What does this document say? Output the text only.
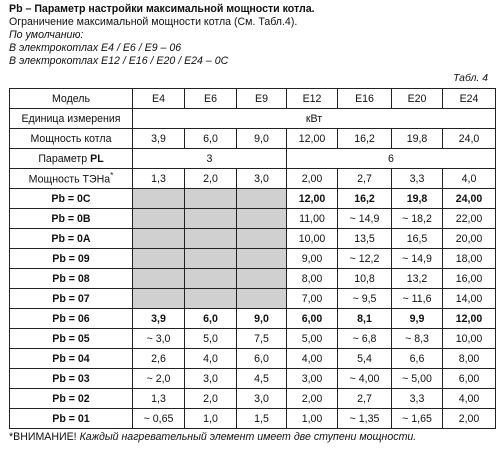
Pb – Параметр настройки максимальной мощности котла.
Ограничение максимальной мощности котла (См. Табл.4).
По умолчанию:
В электрокотлах E4 / E6 / E9 – 06
В электрокотлах E12 / E16 / E20 / E24 – 0C
Табл. 4
Модель	E4	E6	E9	E12	E16	E20	E24
Единица измерения	кВт						
Мощность котла	3,9	6,0	9,0	12,00	16,2	19,8	24,0
Параметр PL	3			6			
Мощность ТЭНа*	1,3	2,0	3,0	2,00	2,7	3,3	4,0
Pb = 0C				12,00	16,2	19,8	24,00
Pb = 0B				11,00	~ 14,9	~ 18,2	22,00
Pb = 0A				10,00	13,5	16,5	20,00
Pb = 09				9,00	~ 12,2	~ 14,9	18,00
Pb = 08				8,00	10,8	13,2	16,00
Pb = 07				7,00	~ 9,5	~ 11,6	14,00
Pb = 06	3,9	6,0	9,0	6,00	8,1	9,9	12,00
Pb = 05	~ 3,0	5,0	7,5	5,00	~ 6,8	~ 8,3	10,00
Pb = 04	2,6	4,0	6,0	4,00	5,4	6,6	8,00
Pb = 03	~ 2,0	3,0	4,5	3,00	~ 4,00	~ 5,00	6,00
Pb = 02	1,3	2,0	3,0	2,00	2,7	3,3	4,00
Pb = 01	~ 0,65	1,0	1,5	1,00	~ 1,35	~ 1,65	2,00
*ВНИМАНИЕ! Каждый нагревательный элемент имеет две ступени мощности.
